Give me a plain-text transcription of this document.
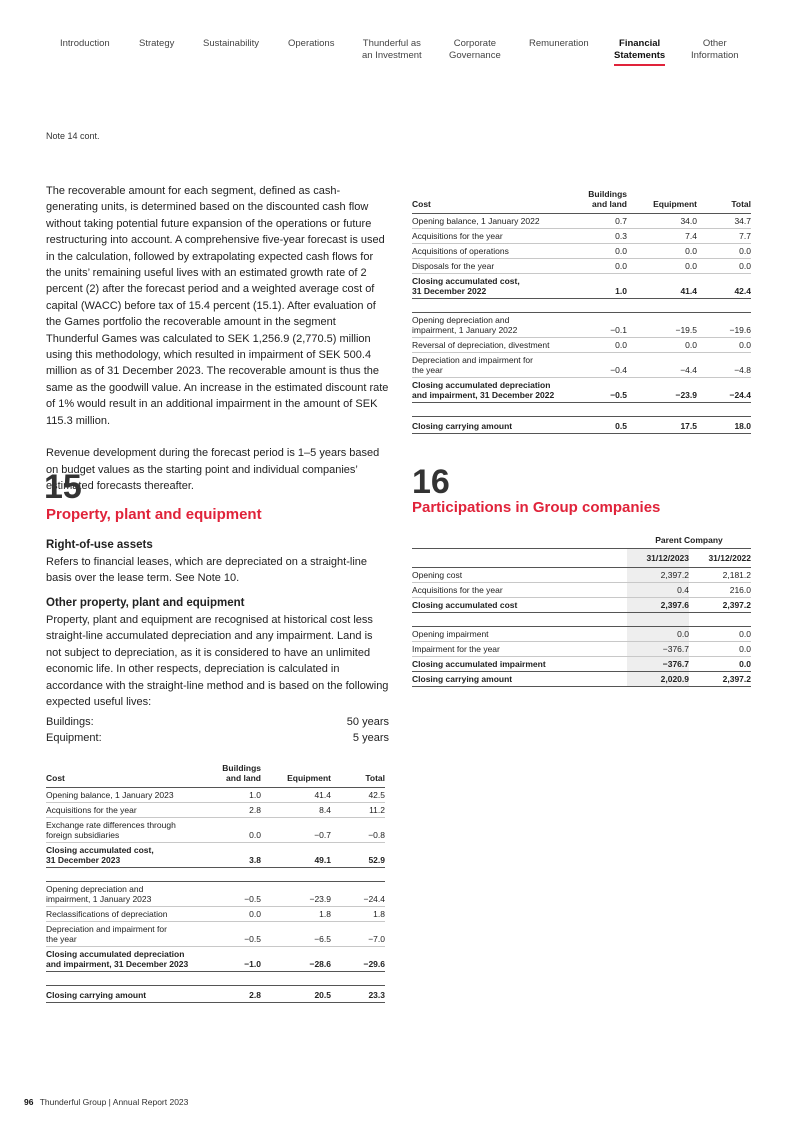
Introduction	Strategy	Sustainability	Operations	Thunderful as
an Investment
Corporate
Governance
Remuneration	Financial
Statements
Other
Information
Note 14 cont.

The recoverable amount for each segment, defined as cash-generating units, is determined based on the discounted cash flow without taking potential future expansion of the operations or future restructuring into account. A comprehensive five-year forecast is used in the calculation, followed by extrapolating expected cash flows for the units’ remaining useful lives with an estimated growth rate of 2 percent (2) after the forecast period and a weighted average cost of capital (WACC) before tax of 15.4 percent (15.1). After evaluation of the Games portfolio the recoverable amount in the segment Thunderful Games was calculated to SEK 1,256.9 (2,770.5) million using this methodology, which resulted in impairment of SEK 500.4 million as of 31 December 2023. The recoverable amount is thus the same as the goodwill value. An increase in the estimated discount rate of 1% would result in an additional impairment in the amount of SEK 115.3 million.

Revenue development during the forecast period is 1–5 years based on budget values as the starting point and individual companies’ estimated forecasts thereafter.

Cost	Buildings
and land	Equipment	Total

Opening balance, 1 January 2022	0.7	34.0	34.7

Acquisitions for the year	0.3	7.4	7.7

Acquisitions of operations	0.0	0.0	0.0

Disposals for the year	0.0	0.0	0.0

Closing accumulated cost,
31 December 2022	1.0	41.4	42.4

Opening depreciation and
impairment, 1 January 2022	−0.1	−19.5	−19.6

Reversal of depreciation, divestment	0.0	0.0	0.0

Depreciation and impairment for
the year	−0.4	−4.4	−4.8

Closing accumulated depreciation
and impairment, 31 December 2022	−0.5	−23.9	−24.4

Closing carrying amount	0.5	17.5	18.0
15
Property, plant and equipment
Right-of-use assets

Refers to financial leases, which are depreciated on a straight-line basis over the lease term. See Note 10.

Other property, plant and equipment

Property, plant and equipment are recognised at historical cost less straight-line accumulated depreciation and any impairment. Land is not subject to depreciation, as it is considered to have an unlimited economic life. In other respects, depreciation is calculated in accordance with the straight-line method and is based on the following expected useful lives:

Buildings:	50 years
Equipment:	5 years
Cost	Buildings
and land	Equipment	Total

Opening balance, 1 January 2023	1.0	41.4	42.5

Acquisitions for the year	2.8	8.4	11.2

Exchange rate differences through
foreign subsidiaries	0.0	−0.7	−0.8

Closing accumulated cost,
31 December 2023	3.8	49.1	52.9

Opening depreciation and
impairment, 1 January 2023	−0.5	−23.9	−24.4

Reclassifications of depreciation	0.0	1.8	1.8

Depreciation and impairment for
the year	−0.5	−6.5	−7.0

Closing accumulated depreciation
and impairment, 31 December 2023	−1.0	−28.6	−29.6

Closing carrying amount	2.8	20.5	23.3
16
Participations in Group companies
	Parent Company	
	31/12/2023	31/12/2022
Opening cost	2,397.2	2,181.2
Acquisitions for the year	0.4	216.0
Closing accumulated cost	2,397.6	2,397.2

Opening impairment	0.0	0.0
Impairment for the year	−376.7	0.0
Closing accumulated impairment	−376.7	0.0
Closing carrying amount	2,020.9	2,397.2
96 Thunderful Group | Annual Report 2023
